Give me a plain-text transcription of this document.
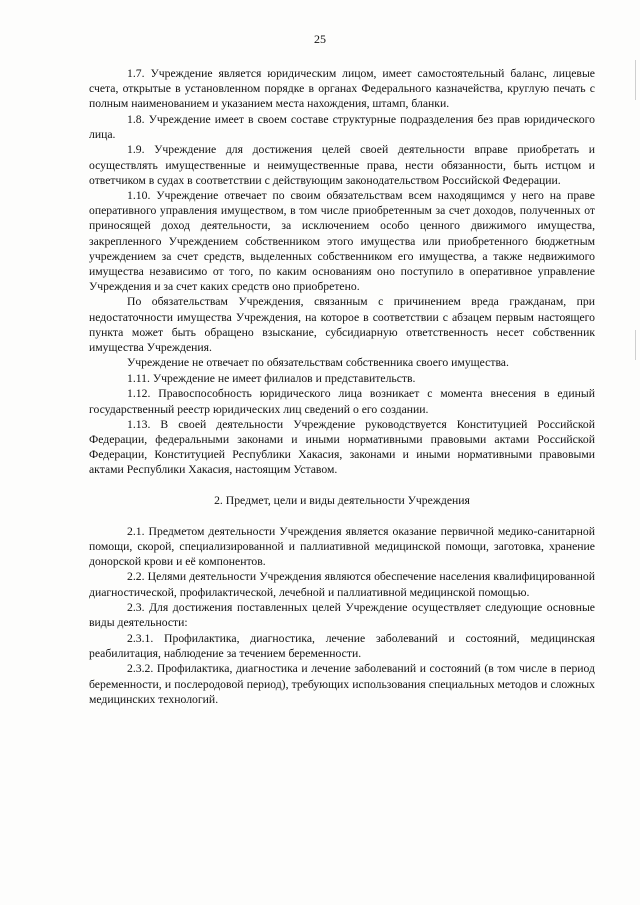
25

1.7. Учреждение является юридическим лицом, имеет самостоятельный баланс, лицевые счета, открытые в установленном порядке в органах Федерального казначейства, круглую печать с полным наименованием и указанием места нахождения, штамп, бланки.

1.8. Учреждение имеет в своем составе структурные подразделения без прав юридического лица.

1.9. Учреждение для достижения целей своей деятельности вправе приобретать и осуществлять имущественные и неимущественные права, нести обязанности, быть истцом и ответчиком в судах в соответствии с действующим законодательством Российской Федерации.

1.10. Учреждение отвечает по своим обязательствам всем находящимся у него на праве оперативного управления имуществом, в том числе приобретенным за счет доходов, полученных от приносящей доход деятельности, за исключением особо ценного движимого имущества, закрепленного Учреждением собственником этого имущества или приобретенного бюджетным учреждением за счет средств, выделенных собственником его имущества, а также недвижимого имущества независимо от того, по каким основаниям оно поступило в оперативное управление Учреждения и за счет каких средств оно приобретено.

По обязательствам Учреждения, связанным с причинением вреда гражданам, при недостаточности имущества Учреждения, на которое в соответствии с абзацем первым настоящего пункта может быть обращено взыскание, субсидиарную ответственность несет собственник имущества Учреждения.

Учреждение не отвечает по обязательствам собственника своего имущества.

1.11. Учреждение не имеет филиалов и представительств.

1.12. Правоспособность юридического лица возникает с момента внесения в единый государственный реестр юридических лиц сведений о его создании.

1.13. В своей деятельности Учреждение руководствуется Конституцией Российской Федерации, федеральными законами и иными нормативными правовыми актами Российской Федерации, Конституцией Республики Хакасия, законами и иными нормативными правовыми актами Республики Хакасия, настоящим Уставом.

2. Предмет, цели и виды деятельности Учреждения

2.1. Предметом деятельности Учреждения является оказание первичной медико-санитарной помощи, скорой, специализированной и паллиативной медицинской помощи, заготовка, хранение донорской крови и её компонентов.

2.2. Целями деятельности Учреждения являются обеспечение населения квалифицированной диагностической, профилактической, лечебной и паллиативной медицинской помощью.

2.3. Для достижения поставленных целей Учреждение осуществляет следующие основные виды деятельности:

2.3.1. Профилактика, диагностика, лечение заболеваний и состояний, медицинская реабилитация, наблюдение за течением беременности.

2.3.2. Профилактика, диагностика и лечение заболеваний и состояний (в том числе в период беременности, и послеродовой период), требующих использования специальных методов и сложных медицинских технологий.
